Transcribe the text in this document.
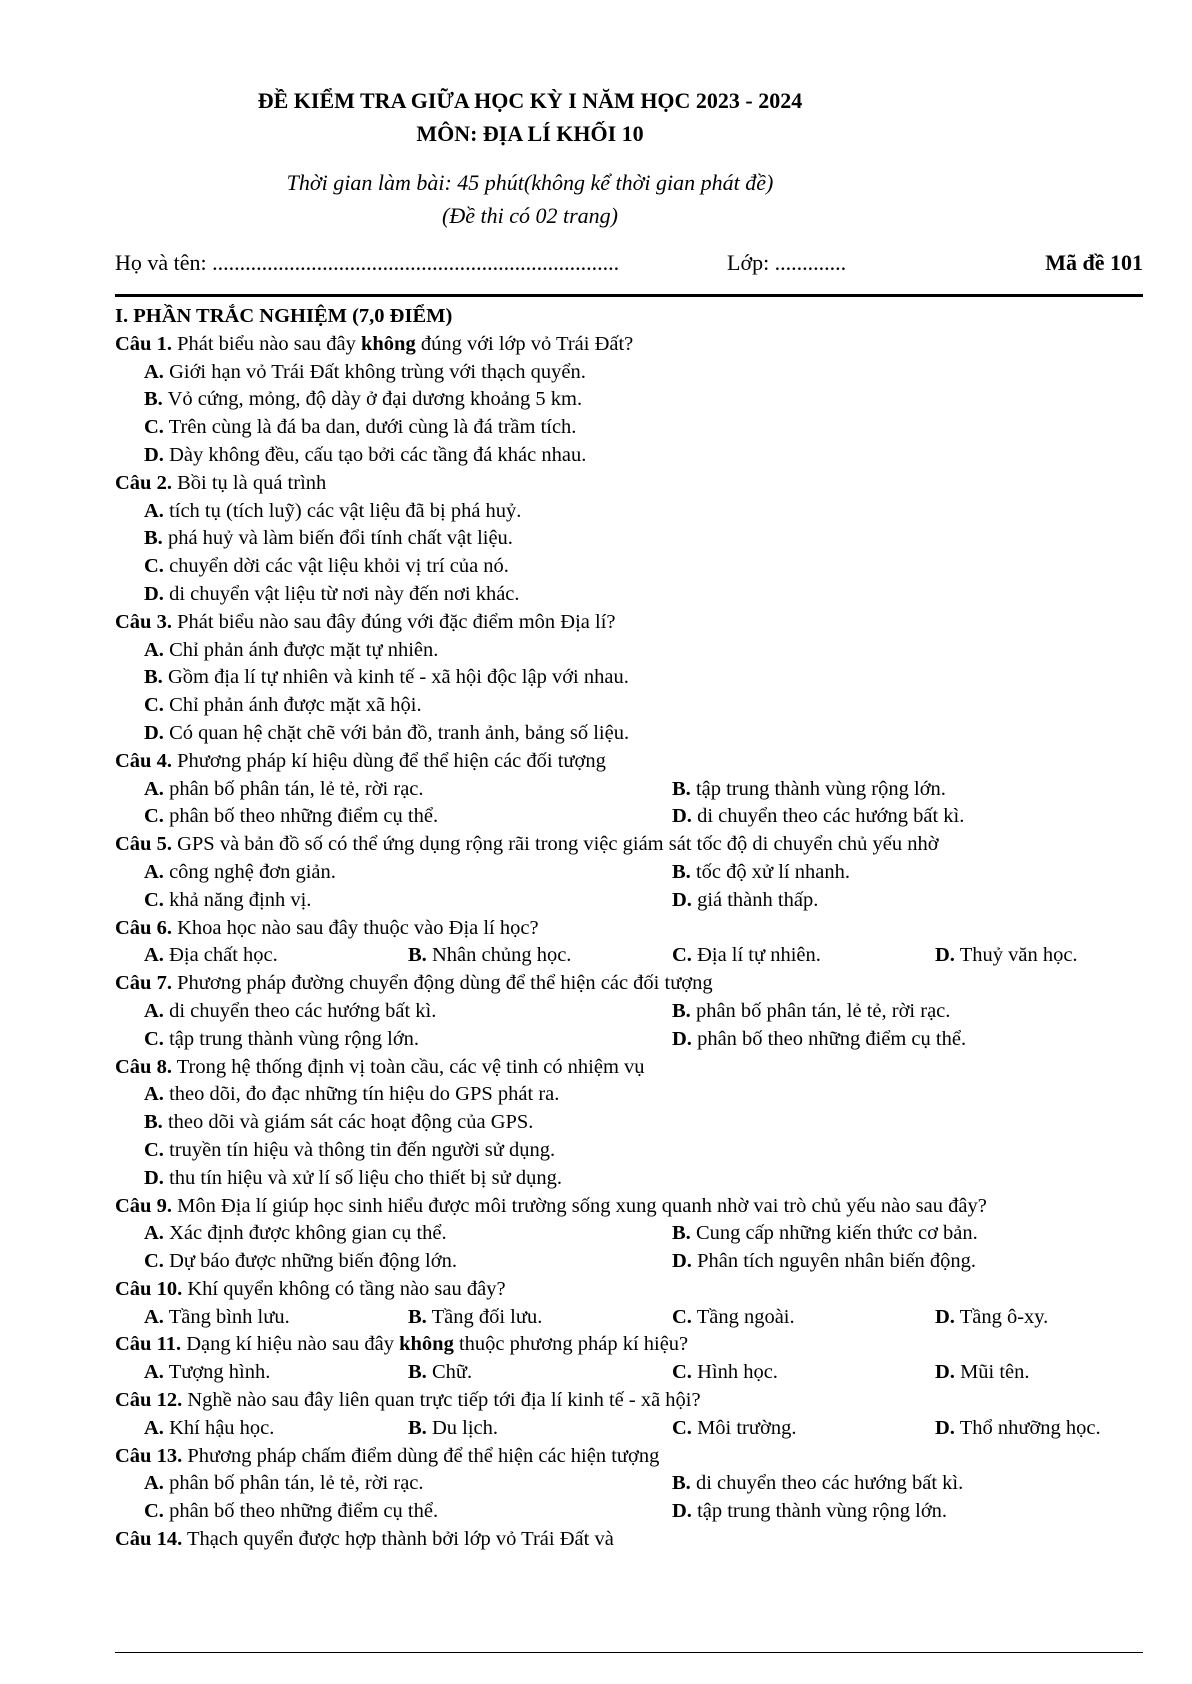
ĐỀ KIỂM TRA GIỮA HỌC KỲ I NĂM HỌC 2023 - 2024
MÔN: ĐỊA LÍ KHỐI 10
Thời gian làm bài: 45 phút(không kể thời gian phát đề)
(Đề thi có 02 trang)
Họ và tên: ..........................................................................	Lớp: .............	Mã đề 101
I. PHẦN TRẮC NGHIỆM (7,0 ĐIỂM)
Câu 1. Phát biểu nào sau đây không đúng với lớp vỏ Trái Đất?
A. Giới hạn vỏ Trái Đất không trùng với thạch quyển.
B. Vỏ cứng, mỏng, độ dày ở đại dương khoảng 5 km.
C. Trên cùng là đá ba dan, dưới cùng là đá trầm tích.
D. Dày không đều, cấu tạo bởi các tầng đá khác nhau.
Câu 2. Bồi tụ là quá trình
A. tích tụ (tích luỹ) các vật liệu đã bị phá huỷ.
B. phá huỷ và làm biến đổi tính chất vật liệu.
C. chuyển dời các vật liệu khỏi vị trí của nó.
D. di chuyển vật liệu từ nơi này đến nơi khác.
Câu 3. Phát biểu nào sau đây đúng với đặc điểm môn Địa lí?
A. Chỉ phản ánh được mặt tự nhiên.
B. Gồm địa lí tự nhiên và kinh tế - xã hội độc lập với nhau.
C. Chỉ phản ánh được mặt xã hội.
D. Có quan hệ chặt chẽ với bản đồ, tranh ảnh, bảng số liệu.
Câu 4. Phương pháp kí hiệu dùng để thể hiện các đối tượng
A. phân bố phân tán, lẻ tẻ, rời rạc.	B. tập trung thành vùng rộng lớn.
C. phân bố theo những điểm cụ thể.	D. di chuyển theo các hướng bất kì.
Câu 5. GPS và bản đồ số có thể ứng dụng rộng rãi trong việc giám sát tốc độ di chuyển chủ yếu nhờ
A. công nghệ đơn giản.	B. tốc độ xử lí nhanh.
C. khả năng định vị.	D. giá thành thấp.
Câu 6. Khoa học nào sau đây thuộc vào Địa lí học?
A. Địa chất học.	B. Nhân chủng học.	C. Địa lí tự nhiên.	D. Thuỷ văn học.
Câu 7. Phương pháp đường chuyển động dùng để thể hiện các đối tượng
A. di chuyển theo các hướng bất kì.	B. phân bố phân tán, lẻ tẻ, rời rạc.
C. tập trung thành vùng rộng lớn.	D. phân bố theo những điểm cụ thể.
Câu 8. Trong hệ thống định vị toàn cầu, các vệ tinh có nhiệm vụ
A. theo dõi, đo đạc những tín hiệu do GPS phát ra.
B. theo dõi và giám sát các hoạt động của GPS.
C. truyền tín hiệu và thông tin đến người sử dụng.
D. thu tín hiệu và xử lí số liệu cho thiết bị sử dụng.
Câu 9. Môn Địa lí giúp học sinh hiểu được môi trường sống xung quanh nhờ vai trò chủ yếu nào sau đây?
A. Xác định được không gian cụ thể.	B. Cung cấp những kiến thức cơ bản.
C. Dự báo được những biến động lớn.	D. Phân tích nguyên nhân biến động.
Câu 10. Khí quyển không có tầng nào sau đây?
A. Tầng bình lưu.	B. Tầng đối lưu.	C. Tầng ngoài.	D. Tầng ô-xy.
Câu 11. Dạng kí hiệu nào sau đây không thuộc phương pháp kí hiệu?
A. Tượng hình.	B. Chữ.	C. Hình học.	D. Mũi tên.
Câu 12. Nghề nào sau đây liên quan trực tiếp tới địa lí kinh tế - xã hội?
A. Khí hậu học.	B. Du lịch.	C. Môi trường.	D. Thổ nhưỡng học.
Câu 13. Phương pháp chấm điểm dùng để thể hiện các hiện tượng
A. phân bố phân tán, lẻ tẻ, rời rạc.	B. di chuyển theo các hướng bất kì.
C. phân bố theo những điểm cụ thể.	D. tập trung thành vùng rộng lớn.
Câu 14. Thạch quyển được hợp thành bởi lớp vỏ Trái Đất và
